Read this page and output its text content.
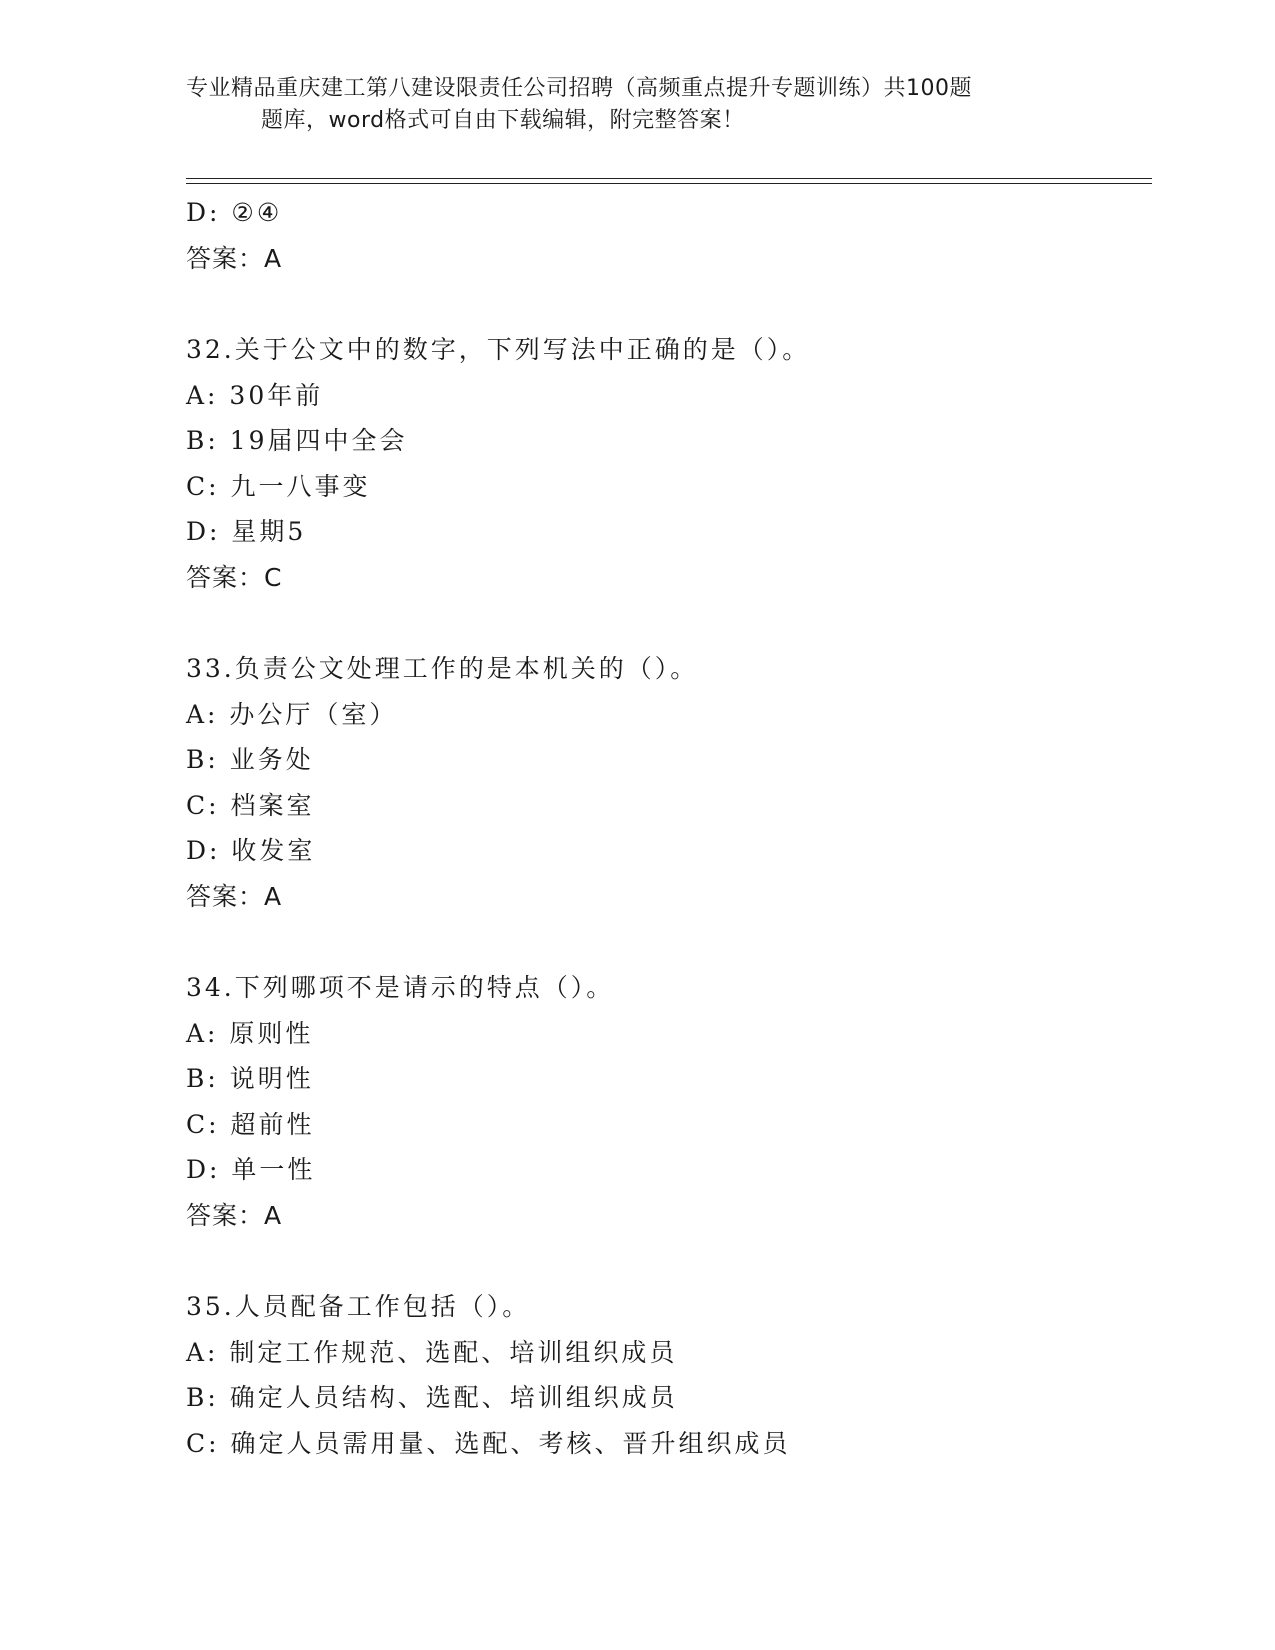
专业精品重庆建工第八建设限责任公司招聘（高频重点提升专题训练）共100题
题库，word格式可自由下载编辑，附完整答案！
D: ②④
答案：A
32.关于公文中的数字，下列写法中正确的是（）。
A: 30年前
B: 19届四中全会
C: 九一八事变
D: 星期5
答案：C
33.负责公文处理工作的是本机关的（）。
A: 办公厅（室）
B: 业务处
C: 档案室
D: 收发室
答案：A
34.下列哪项不是请示的特点（）。
A: 原则性
B: 说明性
C: 超前性
D: 单一性
答案：A
35.人员配备工作包括（）。
A: 制定工作规范、选配、培训组织成员
B: 确定人员结构、选配、培训组织成员
C: 确定人员需用量、选配、考核、晋升组织成员
